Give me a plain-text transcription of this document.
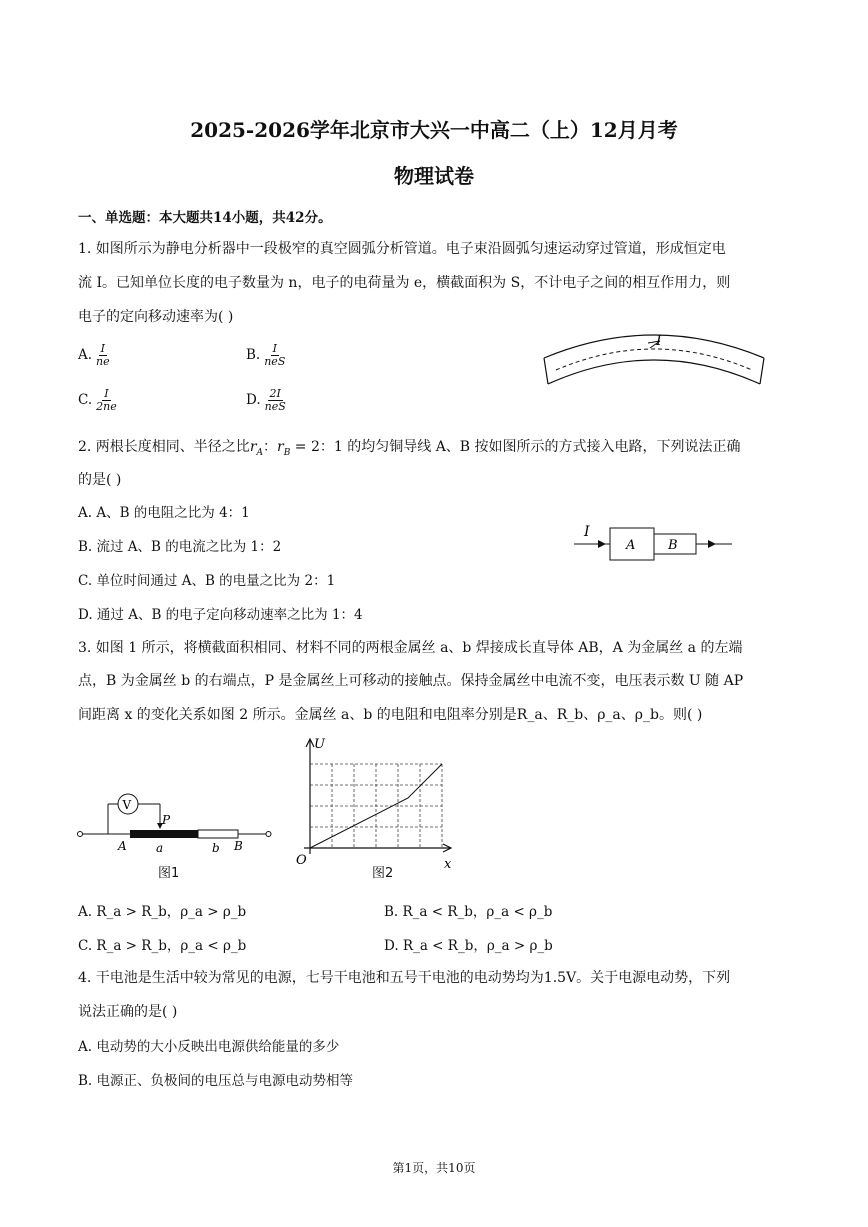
2025-2026学年北京市大兴一中高二（上）12月月考
物理试卷
一、单选题：本大题共14小题，共42分。
1. 如图所示为静电分析器中一段极窄的真空圆弧分析管道。电子束沿圆弧匀速运动穿过管道，形成恒定电
流 I。已知单位长度的电子数量为 n，电子的电荷量为 e，横截面积为 S，不计电子之间的相互作用力，则
电子的定向移动速率为( )
A. $\frac{I}{ne}$	B. $\frac{I}{\text{neS}}$
C. $\frac{I}{2ne}$	D. $\frac{2I}{\text{neS}}$
I
2. 两根长度相同、半径之比$r_A$：$r_B = 2$：1 的均匀铜导线 A、B 按如图所示的方式接入电路，下列说法正确
的是( )
A. A、B 的电阻之比为 4：1
B. 流过 A、B 的电流之比为 1：2
C. 单位时间通过 A、B 的电量之比为 2：1
D. 通过 A、B 的电子定向移动速率之比为 1：4
I
A	B
3. 如图 1 所示，将横截面积相同、材料不同的两根金属丝 a、b 焊接成长直导体 AB，A 为金属丝 a 的左端
点，B 为金属丝 b 的右端点，P 是金属丝上可移动的接触点。保持金属丝中电流不变，电压表示数 U 随 AP
间距离 x 的变化关系如图 2 所示。金属丝 a、b 的电阻和电阻率分别是R_a、R_b、ρ_a、ρ_b。则( )
V
P
A a	b B
图1
U
O	x
图2
A. R_a > R_b，ρ_a > ρ_b	B. R_a < R_b，ρ_a < ρ_b
C. R_a > R_b，ρ_a < ρ_b	D. R_a < R_b，ρ_a > ρ_b
4. 干电池是生活中较为常见的电源，七号干电池和五号干电池的电动势均为1.5V。关于电源电动势，下列
说法正确的是( )
A. 电动势的大小反映出电源供给能量的多少
B. 电源正、负极间的电压总与电源电动势相等
第1页，共10页
